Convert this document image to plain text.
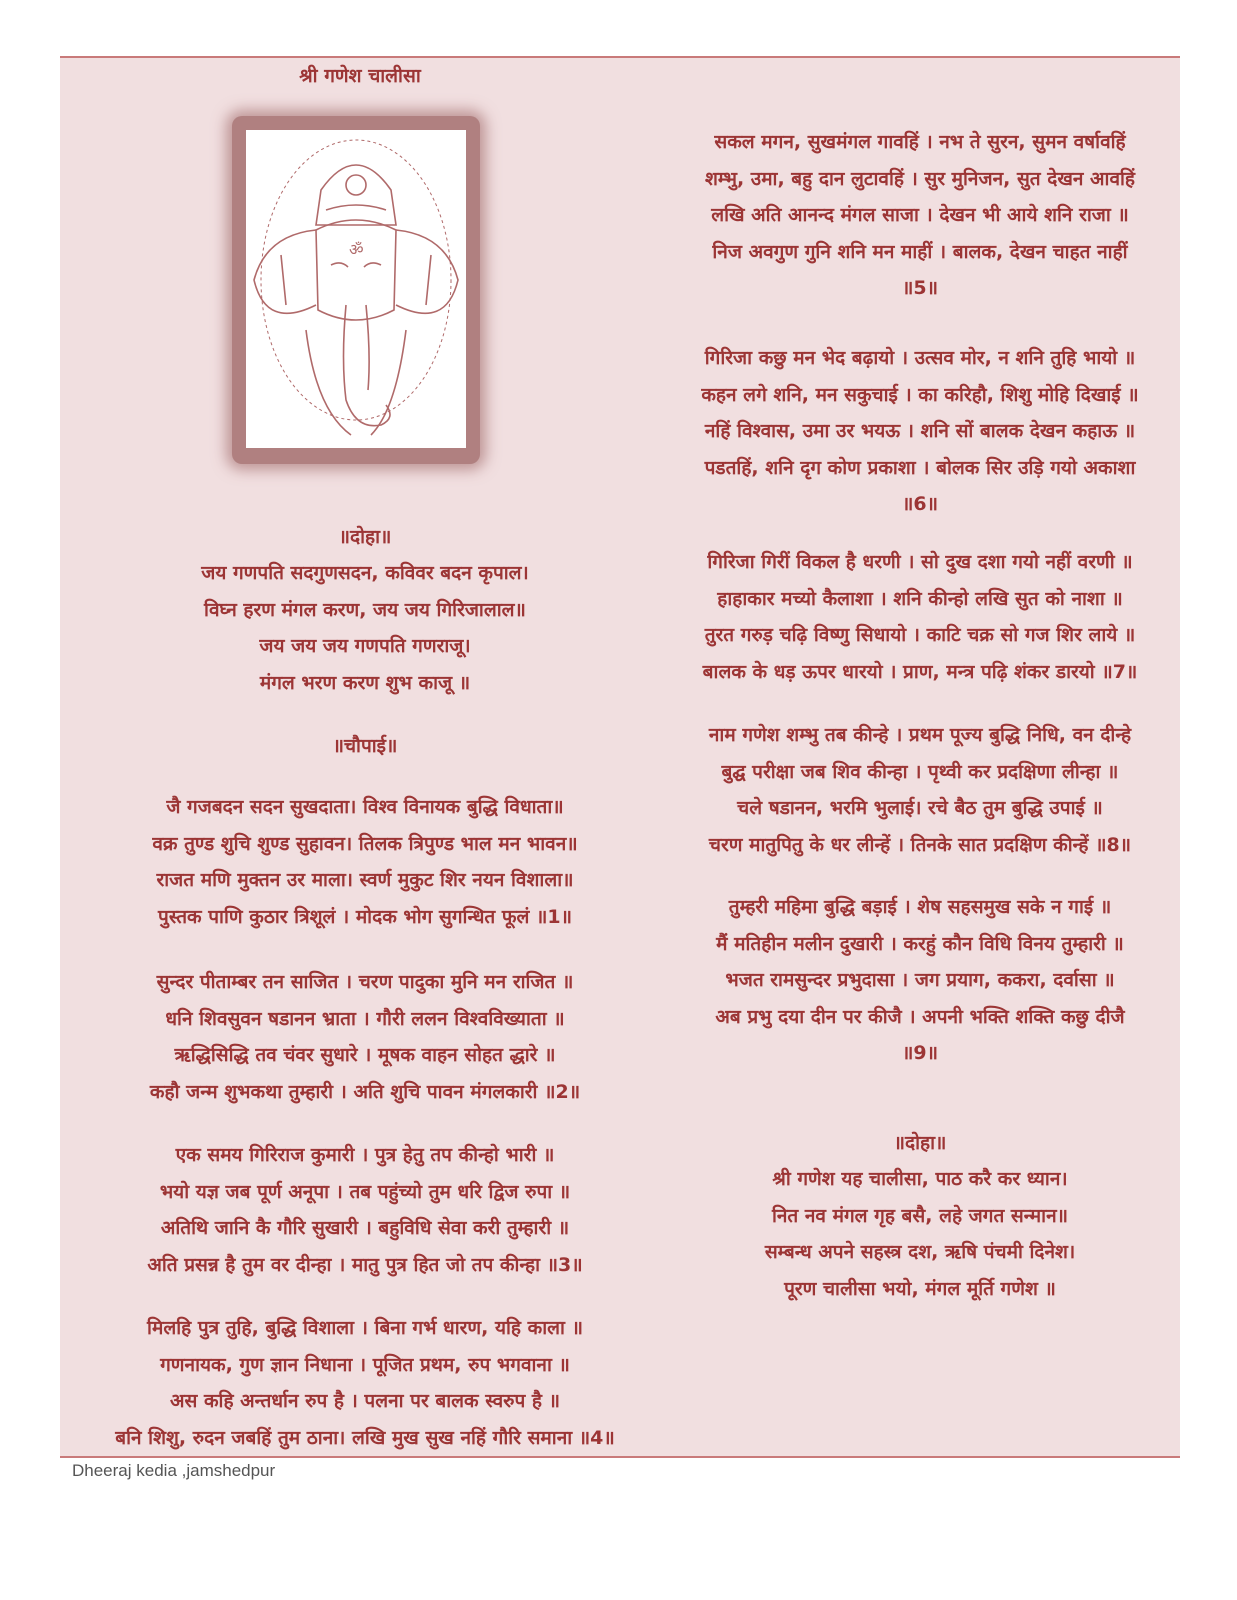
श्री गणेश चालीसा
ॐ
॥दोहा॥
जय गणपति सदगुणसदन, कविवर बदन कृपाल।
विघ्न हरण मंगल करण, जय जय गिरिजालाल॥
जय जय जय गणपति गणराजू।
मंगल भरण करण शुभ काजू ॥
॥चौपाई॥
जै गजबदन सदन सुखदाता। विश्व विनायक बुद्धि विधाता॥
वक्र तुण्ड शुचि शुण्ड सुहावन। तिलक त्रिपुण्ड भाल मन भावन॥
राजत मणि मुक्तन उर माला। स्वर्ण मुकुट शिर नयन विशाला॥
पुस्तक पाणि कुठार त्रिशूलं । मोदक भोग सुगन्धित फूलं ॥1॥
सुन्दर पीताम्बर तन साजित । चरण पादुका मुनि मन राजित ॥
धनि शिवसुवन षडानन भ्राता । गौरी ललन विश्वविख्याता ॥
ऋद्धिसिद्धि तव चंवर सुधारे । मूषक वाहन सोहत द्धारे ॥
कहौ जन्म शुभकथा तुम्हारी । अति शुचि पावन मंगलकारी ॥2॥
एक समय गिरिराज कुमारी । पुत्र हेतु तप कीन्हो भारी ॥
भयो यज्ञ जब पूर्ण अनूपा । तब पहुंच्यो तुम धरि द्विज रुपा ॥
अतिथि जानि कै गौरि सुखारी । बहुविधि सेवा करी तुम्हारी ॥
अति प्रसन्न है तुम वर दीन्हा । मातु पुत्र हित जो तप कीन्हा ॥3॥
मिलहि पुत्र तुहि, बुद्धि विशाला । बिना गर्भ धारण, यहि काला ॥
गणनायक, गुण ज्ञान निधाना । पूजित प्रथम, रुप भगवाना ॥
अस कहि अन्तर्धान रुप है । पलना पर बालक स्वरुप है ॥
बनि शिशु, रुदन जबहिं तुम ठाना। लखि मुख सुख नहिं गौरि समाना ॥4॥
सकल मगन, सुखमंगल गावहिं । नभ ते सुरन, सुमन वर्षावहिं
शम्भु, उमा, बहु दान लुटावहिं । सुर मुनिजन, सुत देखन आवहिं
लखि अति आनन्द मंगल साजा । देखन भी आये शनि राजा ॥
निज अवगुण गुनि शनि मन माहीं । बालक, देखन चाहत नाहीं
॥5॥
गिरिजा कछु मन भेद बढ़ायो । उत्सव मोर, न शनि तुहि भायो ॥
कहन लगे शनि, मन सकुचाई । का करिहौ, शिशु मोहि दिखाई ॥
नहिं विश्वास, उमा उर भयऊ । शनि सों बालक देखन कहाऊ ॥
पडतहिं, शनि दृग कोण प्रकाशा । बोलक सिर उड़ि गयो अकाशा
॥6॥
गिरिजा गिरीं विकल है धरणी । सो दुख दशा गयो नहीं वरणी ॥
हाहाकार मच्यो कैलाशा । शनि कीन्हो लखि सुत को नाशा ॥
तुरत गरुड़ चढ़ि विष्णु सिधायो । काटि चक्र सो गज शिर लाये ॥
बालक के धड़ ऊपर धारयो । प्राण, मन्त्र पढ़ि शंकर डारयो ॥7॥
नाम गणेश शम्भु तब कीन्हे । प्रथम पूज्य बुद्धि निधि, वन दीन्हे
बुद्घ परीक्षा जब शिव कीन्हा । पृथ्वी कर प्रदक्षिणा लीन्हा ॥
चले षडानन, भरमि भुलाई। रचे बैठ तुम बुद्धि उपाई ॥
चरण मातुपितु के धर लीन्हें । तिनके सात प्रदक्षिण कीन्हें ॥8॥
तुम्हरी महिमा बुद्धि बड़ाई । शेष सहसमुख सके न गाई ॥
मैं मतिहीन मलीन दुखारी । करहुं कौन विधि विनय तुम्हारी ॥
भजत रामसुन्दर प्रभुदासा । जग प्रयाग, ककरा, दर्वासा ॥
अब प्रभु दया दीन पर कीजै । अपनी भक्ति शक्ति कछु दीजै
॥9॥
॥दोहा॥
श्री गणेश यह चालीसा, पाठ करै कर ध्यान।
नित नव मंगल गृह बसै, लहे जगत सन्मान॥
सम्बन्ध अपने सहस्त्र दश, ऋषि पंचमी दिनेश।
पूरण चालीसा भयो, मंगल मूर्ति गणेश ॥
Dheeraj kedia ,jamshedpur
